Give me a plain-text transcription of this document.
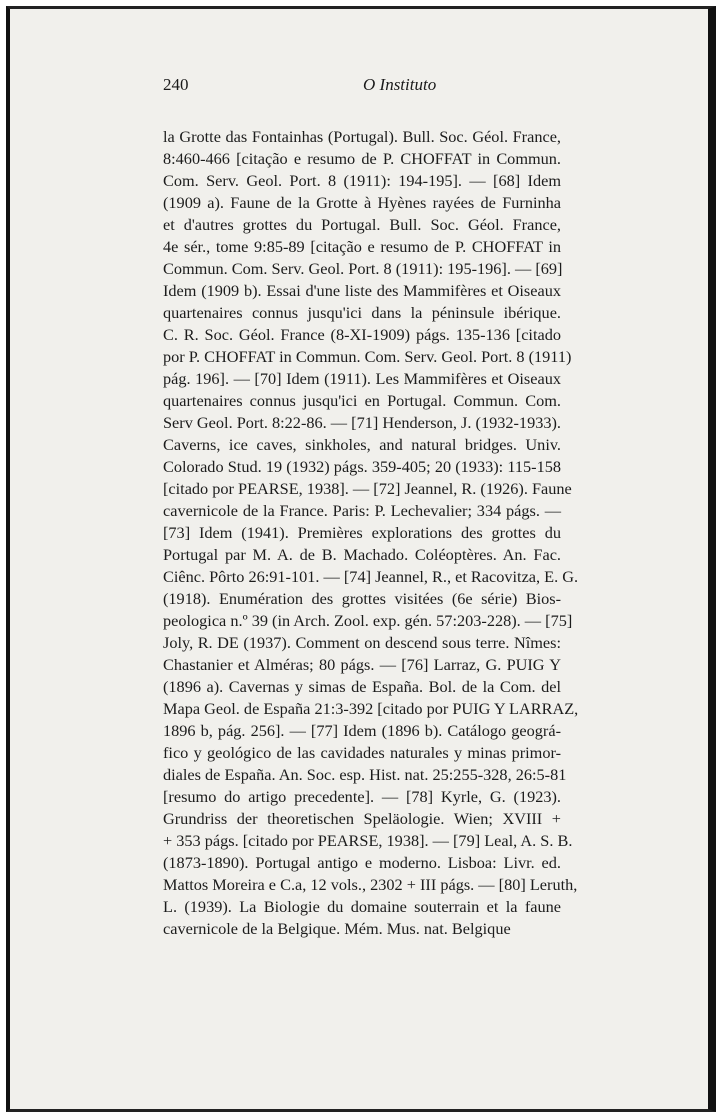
240	O Instituto
la Grotte das Fontainhas (Portugal). Bull. Soc. Géol. France,
8:460-466 [citação e resumo de P. CHOFFAT in Commun.
Com. Serv. Geol. Port. 8 (1911): 194-195]. — [68] Idem
(1909 a). Faune de la Grotte à Hyènes rayées de Furninha
et d'autres grottes du Portugal. Bull. Soc. Géol. France,
4e sér., tome 9:85-89 [citação e resumo de P. CHOFFAT in
Commun. Com. Serv. Geol. Port. 8 (1911): 195-196]. — [69]
Idem (1909 b). Essai d'une liste des Mammifères et Oiseaux
quartenaires connus jusqu'ici dans la péninsule ibérique.
C. R. Soc. Géol. France (8-XI-1909) págs. 135-136 [citado
por P. CHOFFAT in Commun. Com. Serv. Geol. Port. 8 (1911)
pág. 196]. — [70] Idem (1911). Les Mammifères et Oiseaux
quartenaires connus jusqu'ici en Portugal. Commun. Com.
Serv Geol. Port. 8:22-86. — [71] Henderson, J. (1932-1933).
Caverns, ice caves, sinkholes, and natural bridges. Univ.
Colorado Stud. 19 (1932) págs. 359-405; 20 (1933): 115-158
[citado por PEARSE, 1938]. — [72] Jeannel, R. (1926). Faune
cavernicole de la France. Paris: P. Lechevalier; 334 págs. —
[73] Idem (1941). Premières explorations des grottes du
Portugal par M. A. de B. Machado. Coléoptères. An. Fac.
Ciênc. Pôrto 26:91-101. — [74] Jeannel, R., et Racovitza, E. G.
(1918). Enumération des grottes visitées (6e série) Bios-
peologica n.º 39 (in Arch. Zool. exp. gén. 57:203-228). — [75]
Joly, R. DE (1937). Comment on descend sous terre. Nîmes:
Chastanier et Alméras; 80 págs. — [76] Larraz, G. PUIG Y
(1896 a). Cavernas y simas de España. Bol. de la Com. del
Mapa Geol. de España 21:3-392 [citado por PUIG Y LARRAZ,
1896 b, pág. 256]. — [77] Idem (1896 b). Catálogo geográ-
fico y geológico de las cavidades naturales y minas primor-
diales de España. An. Soc. esp. Hist. nat. 25:255-328, 26:5-81
[resumo do artigo precedente]. — [78] Kyrle, G. (1923).
Grundriss der theoretischen Speläologie. Wien; XVIII +
+ 353 págs. [citado por PEARSE, 1938]. — [79] Leal, A. S. B.
(1873-1890). Portugal antigo e moderno. Lisboa: Livr. ed.
Mattos Moreira e C.a, 12 vols., 2302 + III págs. — [80] Leruth,
L. (1939). La Biologie du domaine souterrain et la faune
cavernicole de la Belgique. Mém. Mus. nat. Belgique
